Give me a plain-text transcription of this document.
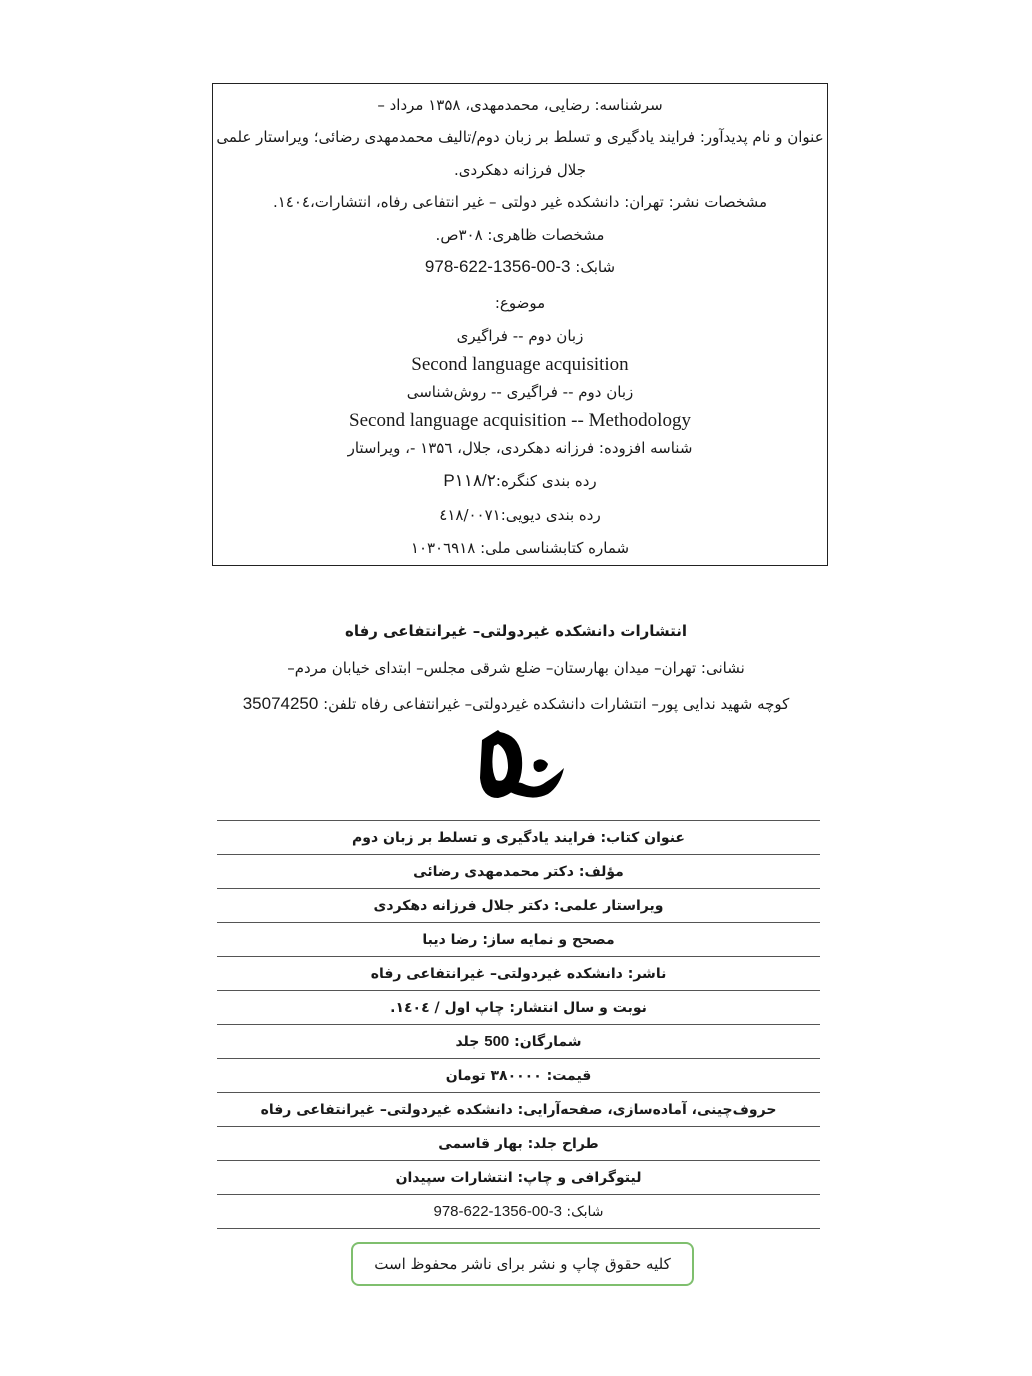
سرشناسه: رضایی، محمدمهدی، ۱۳۵۸ مرداد –
عنوان و نام پدیدآور: فرایند یادگیری و تسلط بر زبان دوم/تالیف محمدمهدی رضائی؛ ویراستار علمی
جلال فرزانه دهکردی.
مشخصات نشر: تهران: دانشکده غیر دولتی – غیر انتفاعی رفاه، انتشارات،۱٤٠٤.
مشخصات ظاهری: ۳۰۸ص.
شابک: 978-622-1356-00-3
موضوع:
زبان دوم -- فراگیری
Second language acquisition
زبان دوم -- فراگیری -- روش‌شناسی
Second language acquisition -- Methodology
شناسه افزوده: فرزانه دهکردی، جلال، ۱۳۵٦ -، ویراستار
رده بندی کنگره:P۱۱۸/۲
رده بندی دیویی:٤۱۸/۰۰۷۱
شماره کتابشناسی ملی: ۱۰۳۰٦۹۱۸
انتشارات دانشکده غیردولتی– غیرانتفاعی رفاه
نشانی: تهران– میدان بهارستان– ضلع شرقی مجلس– ابتدای خیابان مردم–
کوچه شهید ندایی پور– انتشارات دانشکده غیردولتی– غیرانتفاعی رفاه تلفن: 35074250
عنوان کتاب: فرایند یادگیری و تسلط بر زبان دوم
مؤلف: دکتر محمدمهدی رضائی
ویراستار علمی: دکتر جلال فرزانه دهکردی
مصحح و نمایه ساز: رضا دیبا
ناشر: دانشکده غیردولتی– غیرانتفاعی رفاه
نوبت و سال انتشار: چاپ اول / ۱٤٠٤.
شمارگان:

500

جلد
قیمت: ۳۸۰۰۰۰ تومان
حروف‌چینی، آماده‌سازی، صفحه‌آرایی: دانشکده غیردولتی– غیرانتفاعی رفاه
طراح جلد: بهار قاسمی
لیتوگرافی و چاپ: انتشارات سپیدان
شابک:

978-622-1356-00-3
کلیه حقوق چاپ و نشر برای ناشر محفوظ است
